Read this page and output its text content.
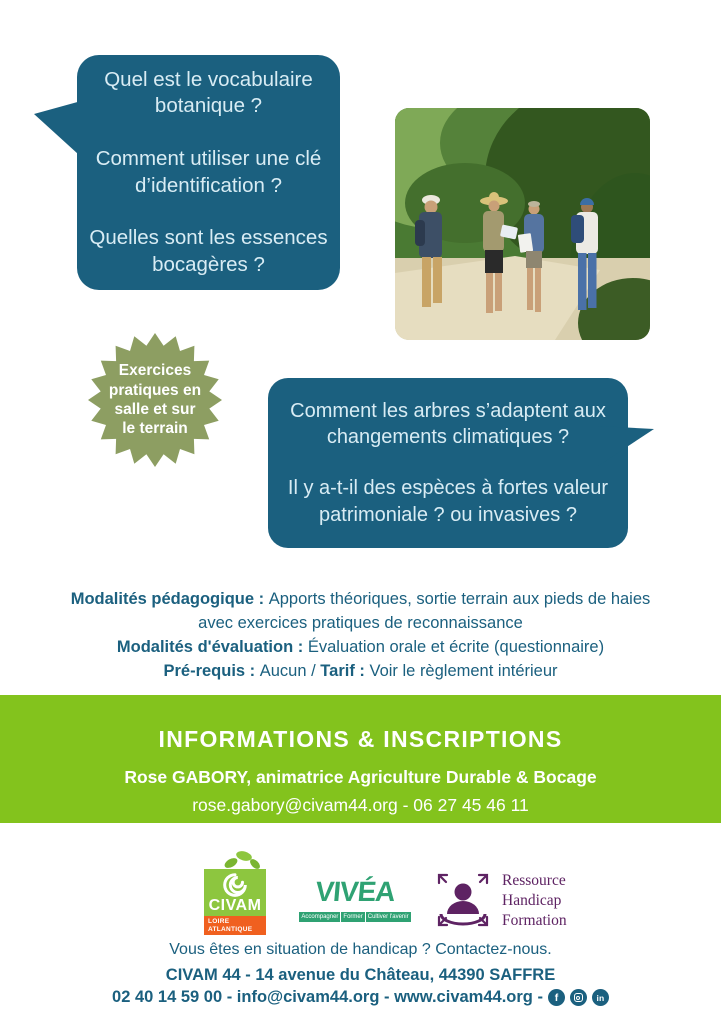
Quel est le vocabulaire botanique ?

Comment utiliser une clé d’identification ?

Quelles sont les essences bocagères ?

Exercices pratiques en salle et sur le terrain

Comment les arbres s’adaptent aux changements climatiques ?

Il y a-t-il des espèces à fortes valeur patrimoniale ? ou invasives ?

Modalités pédagogique : Apports théoriques, sortie terrain aux pieds de haies avec exercices pratiques de reconnaissance

Modalités d'évaluation : Évaluation orale et écrite (questionnaire)

Pré-requis : Aucun / Tarif : Voir le règlement intérieur

INFORMATIONS & INSCRIPTIONS

Rose GABORY, animatrice Agriculture Durable & Bocage

rose.gabory@civam44.org - 06 27 45 46 11

CIVAM
LOIRE
ATLANTIQUE
VIVÉA
Accompagner Former Cultiver l'avenir
Ressource
Handicap
Formation
Vous êtes en situation de handicap ? Contactez-nous.
CIVAM 44 - 14 avenue du Château, 44390 SAFFRE
02 40 14 59 00 - info@civam44.org - www.civam44.org -	f	in
